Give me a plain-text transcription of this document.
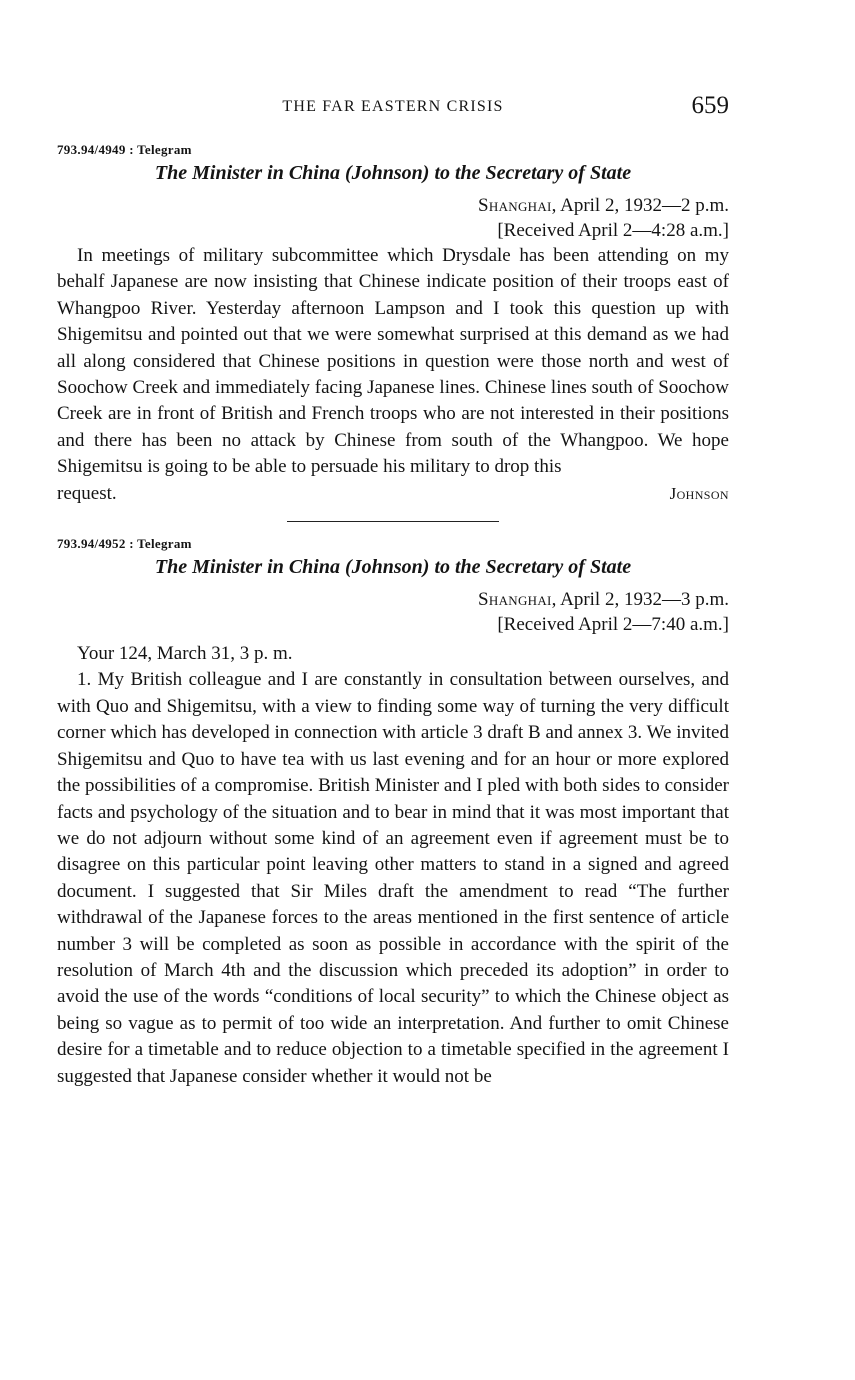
THE FAR EASTERN CRISIS	659
793.94/4949 : Telegram
The Minister in China (Johnson) to the Secretary of State
Shanghai, April 2, 1932—2 p.m.
[Received April 2—4:28 a.m.]

In meetings of military subcommittee which Drysdale has been attending on my behalf Japanese are now insisting that Chinese indicate position of their troops east of Whangpoo River. Yesterday afternoon Lampson and I took this question up with Shigemitsu and pointed out that we were somewhat surprised at this demand as we had all along considered that Chinese positions in question were those north and west of Soochow Creek and immediately facing Japanese lines. Chinese lines south of Soochow Creek are in front of British and French troops who are not interested in their positions and there has been no attack by Chinese from south of the Whangpoo. We hope Shigemitsu is going to be able to persuade his military to drop this

request.	Johnson
793.94/4952 : Telegram
The Minister in China (Johnson) to the Secretary of State
Shanghai, April 2, 1932—3 p.m.
[Received April 2—7:40 a.m.]
Your 124, March 31, 3 p. m.

1. My British colleague and I are constantly in consultation between ourselves, and with Quo and Shigemitsu, with a view to finding some way of turning the very difficult corner which has developed in connection with article 3 draft B and annex 3. We invited Shigemitsu and Quo to have tea with us last evening and for an hour or more explored the possibilities of a compromise. British Minister and I pled with both sides to consider facts and psychology of the situation and to bear in mind that it was most important that we do not adjourn without some kind of an agreement even if agreement must be to disagree on this particular point leaving other matters to stand in a signed and agreed document. I suggested that Sir Miles draft the amendment to read “The further withdrawal of the Japanese forces to the areas mentioned in the first sentence of article number 3 will be completed as soon as possible in accordance with the spirit of the resolution of March 4th and the discussion which preceded its adoption” in order to avoid the use of the words “conditions of local security” to which the Chinese object as being so vague as to permit of too wide an interpretation. And further to omit Chinese desire for a timetable and to reduce objection to a timetable specified in the agreement I suggested that Japanese consider whether it would not be
